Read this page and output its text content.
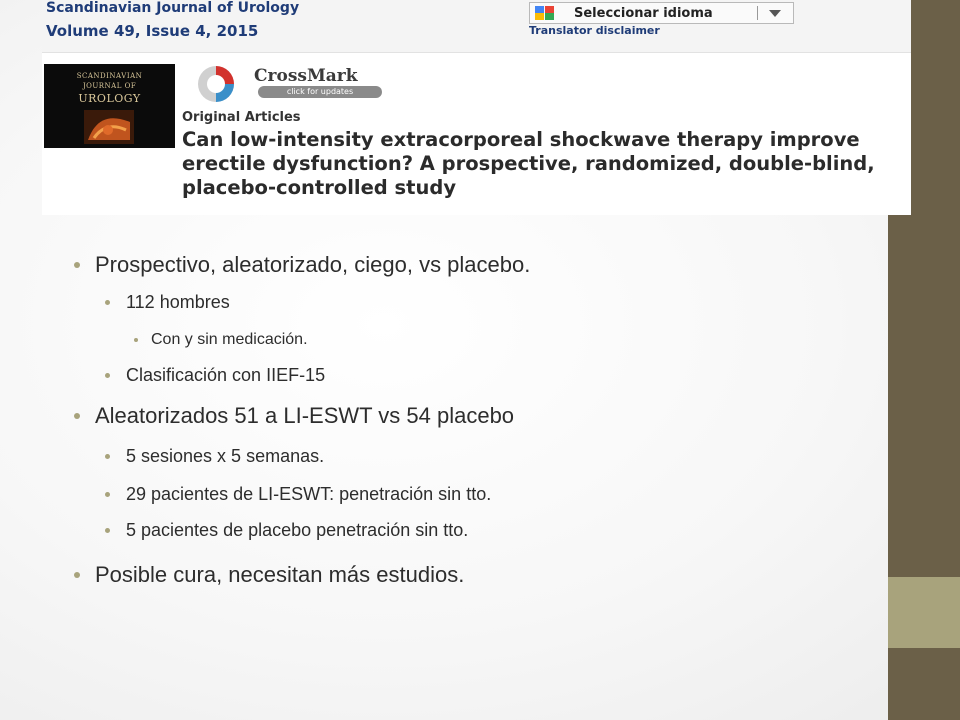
Scandinavian Journal of Urology
Volume 49, Issue 4, 2015
Seleccionar idioma
Translator disclaimer
SCANDINAVIAN
JOURNAL OF
UROLOGY
CrossMark
click for updates
Original Articles

Can low-intensity extracorporeal shockwave therapy improve erectile dysfunction? A prospective, randomized, double-blind, placebo-controlled study

Prospectivo, aleatorizado, ciego, vs placebo.
112 hombres
Con y sin medicación.
Clasificación con IIEF-15
Aleatorizados 51 a LI-ESWT vs 54 placebo
5 sesiones x 5 semanas.
29 pacientes de LI-ESWT: penetración sin tto.
5 pacientes de placebo penetración sin tto.
Posible cura, necesitan más estudios.
